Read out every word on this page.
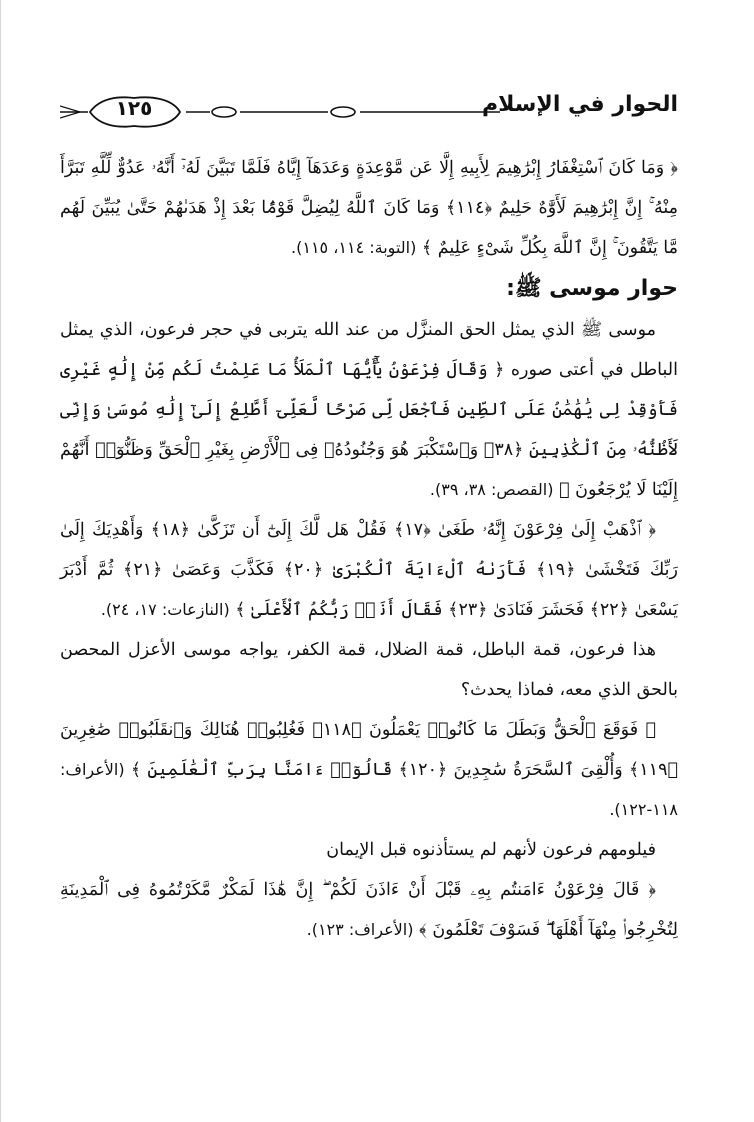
الحوار في الإسلام
١٢٥

﴿ وَمَا كَانَ ٱسْتِغْفَارُ إِبْرَٰهِيمَ لِأَبِيهِ إِلَّا عَن مَّوْعِدَةٍ وَعَدَهَآ إِيَّاهُ فَلَمَّا تَبَيَّنَ لَهُۥٓ أَنَّهُۥ عَدُوٌّ لِّلَّهِ تَبَرَّأَ مِنْهُ ۚ إِنَّ إِبْرَٰهِيمَ لَأَوَّٰهٌ حَلِيمٌ ﴿١١٤﴾ وَمَا كَانَ ٱللَّهُ لِيُضِلَّ قَوْمًۢا بَعْدَ إِذْ هَدَىٰهُمْ حَتَّىٰ يُبَيِّنَ لَهُم مَّا يَتَّقُونَ ۚ إِنَّ ٱللَّهَ بِكُلِّ شَىْءٍ عَلِيمٌ ﴾ (التوبة: ١١٤، ١١٥).

حوار موسى ﷺ:

موسى ﷺ الذي يمثل الحق المنزَّل من عند الله يتربى في حجر فرعون، الذي يمثل الباطل في أعتى صوره ﴿ وَقَالَ فِرْعَوْنُ يَٰٓأَيُّهَا ٱلْمَلَأُ مَا عَلِمْتُ لَكُم مِّنْ إِلَٰهٍ غَيْرِى فَأَوْقِدْ لِى يَٰهَٰمَٰنُ عَلَى ٱلطِّينِ فَٱجْعَل لِّى صَرْحًا لَّعَلِّىٓ أَطَّلِعُ إِلَىٰٓ إِلَٰهِ مُوسَىٰ وَإِنِّى لَأَظُنُّهُۥ مِنَ ٱلْكَٰذِبِينَ ﴿٣٨﴾ وَٱسْتَكْبَرَ هُوَ وَجُنُودُهُۥ فِى ٱلْأَرْضِ بِغَيْرِ ٱلْحَقِّ وَظَنُّوٓا۟ أَنَّهُمْ إِلَيْنَا لَا يُرْجَعُونَ ﴾ (القصص: ٣٨، ٣٩).

﴿ ٱذْهَبْ إِلَىٰ فِرْعَوْنَ إِنَّهُۥ طَغَىٰ ﴿١٧﴾ فَقُلْ هَل لَّكَ إِلَىٰٓ أَن تَزَكَّىٰ ﴿١٨﴾ وَأَهْدِيَكَ إِلَىٰ رَبِّكَ فَتَخْشَىٰ ﴿١٩﴾ فَأَرَىٰهُ ٱلْءَايَةَ ٱلْكُبْرَىٰ ﴿٢٠﴾ فَكَذَّبَ وَعَصَىٰ ﴿٢١﴾ ثُمَّ أَدْبَرَ يَسْعَىٰ ﴿٢٢﴾ فَحَشَرَ فَنَادَىٰ ﴿٢٣﴾ فَقَالَ أَنَا۠ رَبُّكُمُ ٱلْأَعْلَىٰ ﴾ (النازعات: ١٧، ٢٤).

هذا فرعون، قمة الباطل، قمة الضلال، قمة الكفر، يواجه موسى الأعزل المحصن بالحق الذي معه، فماذا يحدث؟

﴿ فَوَقَعَ ٱلْحَقُّ وَبَطَلَ مَا كَانُوا۟ يَعْمَلُونَ ﴿١١٨﴾ فَغُلِبُوا۟ هُنَالِكَ وَٱنقَلَبُوا۟ صَٰغِرِينَ ﴿١١٩﴾ وَأُلْقِىَ ٱلسَّحَرَةُ سَٰجِدِينَ ﴿١٢٠﴾ قَالُوٓا۟ ءَامَنَّا بِرَبِّ ٱلْعَٰلَمِينَ ﴾ (الأعراف: ١١٨-١٢٢).

فيلومهم فرعون لأنهم لم يستأذنوه قبل الإيمان

﴿ قَالَ فِرْعَوْنُ ءَامَنتُم بِهِۦ قَبْلَ أَنْ ءَاذَنَ لَكُمْ ۖ إِنَّ هَٰذَا لَمَكْرٌ مَّكَرْتُمُوهُ فِى ٱلْمَدِينَةِ لِتُخْرِجُوا۟ مِنْهَآ أَهْلَهَا ۖ فَسَوْفَ تَعْلَمُونَ ﴾ (الأعراف: ١٢٣).
